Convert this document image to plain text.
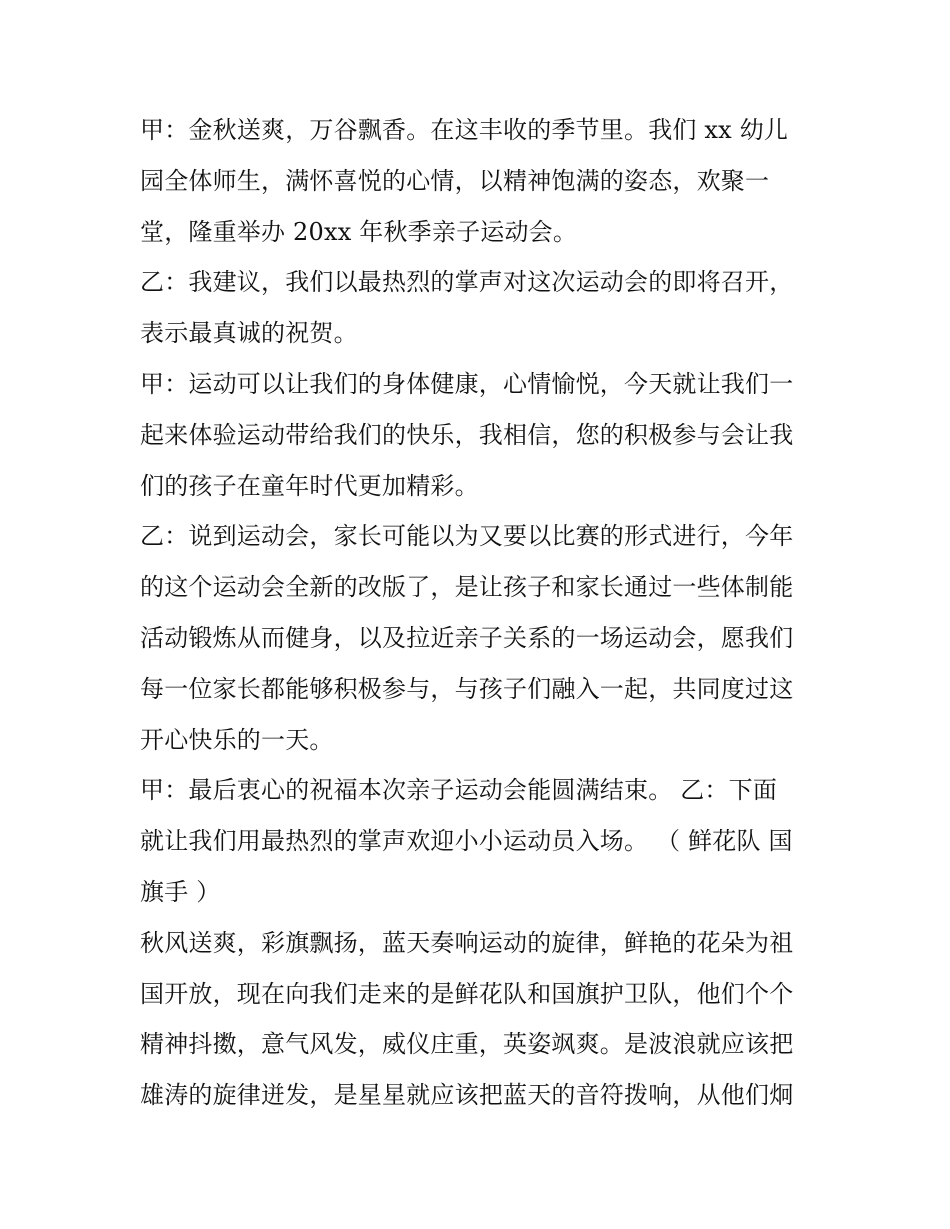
甲：金秋送爽，万谷飘香。在这丰收的季节里。我们 xx 幼儿
园全体师生，满怀喜悦的心情，以精神饱满的姿态，欢聚一
堂，隆重举办 20xx 年秋季亲子运动会。

乙：我建议，我们以最热烈的掌声对这次运动会的即将召开，
表示最真诚的祝贺。

甲：运动可以让我们的身体健康，心情愉悦，今天就让我们一
起来体验运动带给我们的快乐，我相信，您的积极参与会让我
们的孩子在童年时代更加精彩。

乙：说到运动会，家长可能以为又要以比赛的形式进行，今年
的这个运动会全新的改版了，是让孩子和家长通过一些体制能
活动锻炼从而健身，以及拉近亲子关系的一场运动会，愿我们
每一位家长都能够积极参与，与孩子们融入一起，共同度过这
开心快乐的一天。

甲：最后衷心的祝福本次亲子运动会能圆满结束。 乙：下面
就让我们用最热烈的掌声欢迎小小运动员入场。 （ 鲜花队 国
旗手 ）

秋风送爽，彩旗飘扬，蓝天奏响运动的旋律，鲜艳的花朵为祖
国开放，现在向我们走来的是鲜花队和国旗护卫队，他们个个
精神抖擞，意气风发，威仪庄重，英姿飒爽。是波浪就应该把
雄涛的旋律迸发，是星星就应该把蓝天的音符拨响，从他们炯
